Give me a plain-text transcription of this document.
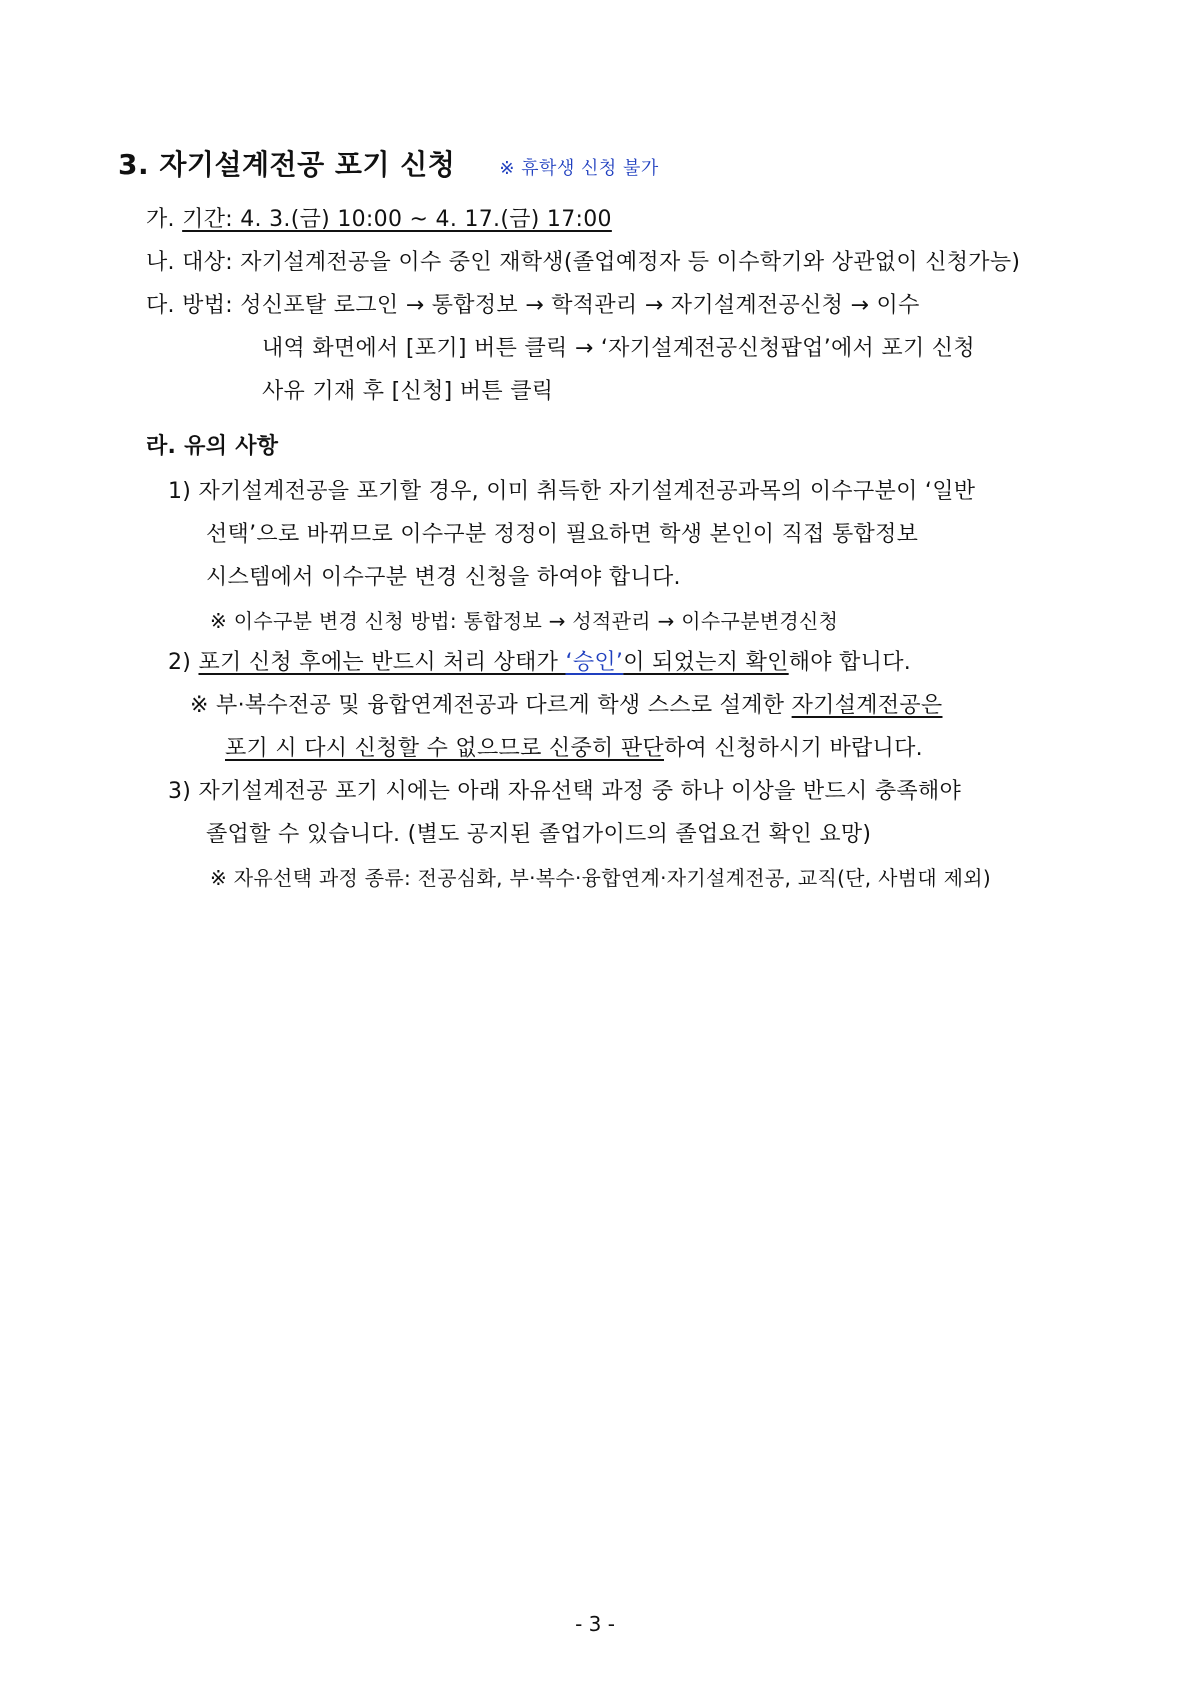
3. 자기설계전공 포기 신청 ※ 휴학생 신청 불가
가. 기간: 4. 3.(금) 10:00 ~ 4. 17.(금) 17:00
나. 대상: 자기설계전공을 이수 중인 재학생(졸업예정자 등 이수학기와 상관없이 신청가능)
다. 방법: 성신포탈 로그인 → 통합정보 → 학적관리 → 자기설계전공신청 → 이수
내역 화면에서 [포기] 버튼 클릭 → ‘자기설계전공신청팝업’에서 포기 신청
사유 기재 후 [신청] 버튼 클릭
라. 유의 사항
1) 자기설계전공을 포기할 경우, 이미 취득한 자기설계전공과목의 이수구분이 ‘일반
선택’으로 바뀌므로 이수구분 정정이 필요하면 학생 본인이 직접 통합정보
시스템에서 이수구분 변경 신청을 하여야 합니다.
※ 이수구분 변경 신청 방법: 통합정보 → 성적관리 → 이수구분변경신청
2) 포기 신청 후에는 반드시 처리 상태가 ‘승인’이 되었는지 확인해야 합니다.
※ 부·복수전공 및 융합연계전공과 다르게 학생 스스로 설계한 자기설계전공은
포기 시 다시 신청할 수 없으므로 신중히 판단하여 신청하시기 바랍니다.
3) 자기설계전공 포기 시에는 아래 자유선택 과정 중 하나 이상을 반드시 충족해야
졸업할 수 있습니다. (별도 공지된 졸업가이드의 졸업요건 확인 요망)
※ 자유선택 과정 종류: 전공심화, 부·복수·융합연계·자기설계전공, 교직(단, 사범대 제외)
- 3 -
